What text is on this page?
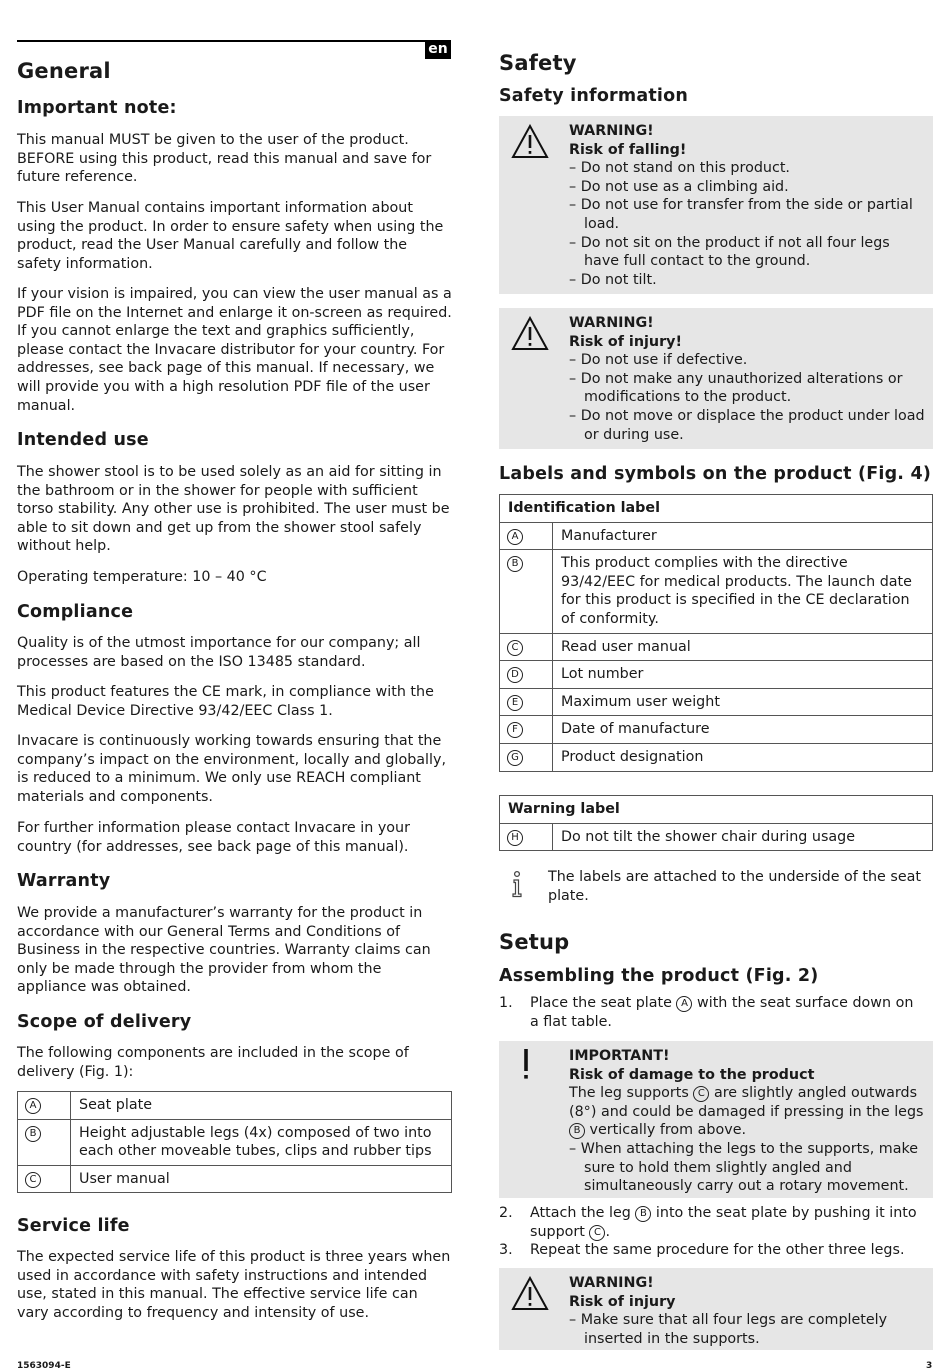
en
General
Important note:

This manual MUST be given to the user of the product. BEFORE using this product, read this manual and save for future reference.

This User Manual contains important information about using the product. In order to ensure safety when using the product, read the User Manual carefully and follow the safety information.

If your vision is impaired, you can view the user manual as a PDF file on the Internet and enlarge it on-screen as required. If you cannot enlarge the text and graphics sufficiently, please contact the Invacare distributor for your country. For addresses, see back page of this manual. If necessary, we will provide you with a high resolution PDF file of the user manual.

Intended use

The shower stool is to be used solely as an aid for sitting in the bathroom or in the shower for people with sufficient torso stability. Any other use is prohibited. The user must be able to sit down and get up from the shower stool safely without help.

Operating temperature: 10 – 40 °C

Compliance

Quality is of the utmost importance for our company; all processes are based on the ISO 13485 standard.

This product features the CE mark, in compliance with the Medical Device Directive 93/42/EEC Class 1.

Invacare is continuously working towards ensuring that the company’s impact on the environment, locally and globally, is reduced to a minimum. We only use REACH compliant materials and components.

For further information please contact Invacare in your country (for addresses, see back page of this manual).

Warranty

We provide a manufacturer’s warranty for the product in accordance with our General Terms and Conditions of Business in the respective countries. Warranty claims can only be made through the provider from whom the appliance was obtained.

Scope of delivery

The following components are included in the scope of delivery (Fig. 1):

A	Seat plate
B	Height adjustable legs (4x) composed of two into each other moveable tubes, clips and rubber tips
C	User manual
Service life

The expected service life of this product is three years when used in accordance with safety instructions and intended use, stated in this manual. The effective service life can vary according to frequency and intensity of use.

Safety
Safety information
WARNING!
Risk of falling!
– Do not stand on this product.
– Do not use as a climbing aid.
– Do not use for transfer from the side or partial load.
– Do not sit on the product if not all four legs have full contact to the ground.
– Do not tilt.
WARNING!
Risk of injury!
– Do not use if defective.
– Do not make any unauthorized alterations or modifications to the product.
– Do not move or displace the product under load or during use.
Labels and symbols on the product (Fig. 4)
Identification label	
A	Manufacturer
B	This product complies with the directive 93/42/EEC for medical products. The launch date for this product is specified in the CE declaration of conformity.
C	Read user manual
D	Lot number
E	Maximum user weight
F	Date of manufacture
G	Product designation
Warning label
H	Do not tilt the shower chair during usage

The labels are attached to the underside of the seat plate.

Setup
Assembling the product (Fig. 2)
1. Place the seat plate A with the seat surface down on a flat table.
IMPORTANT!
Risk of damage to the product
The leg supports C are slightly angled outwards (8°) and could be damaged if pressing in the legs B vertically from above.
– When attaching the legs to the supports, make sure to hold them slightly angled and simultaneously carry out a rotary movement.
2. Attach the leg B into the seat plate by pushing it into support C .
3. Repeat the same procedure for the other three legs.
WARNING!
Risk of injury
– Make sure that all four legs are completely inserted in the supports.
1563094-E	3
